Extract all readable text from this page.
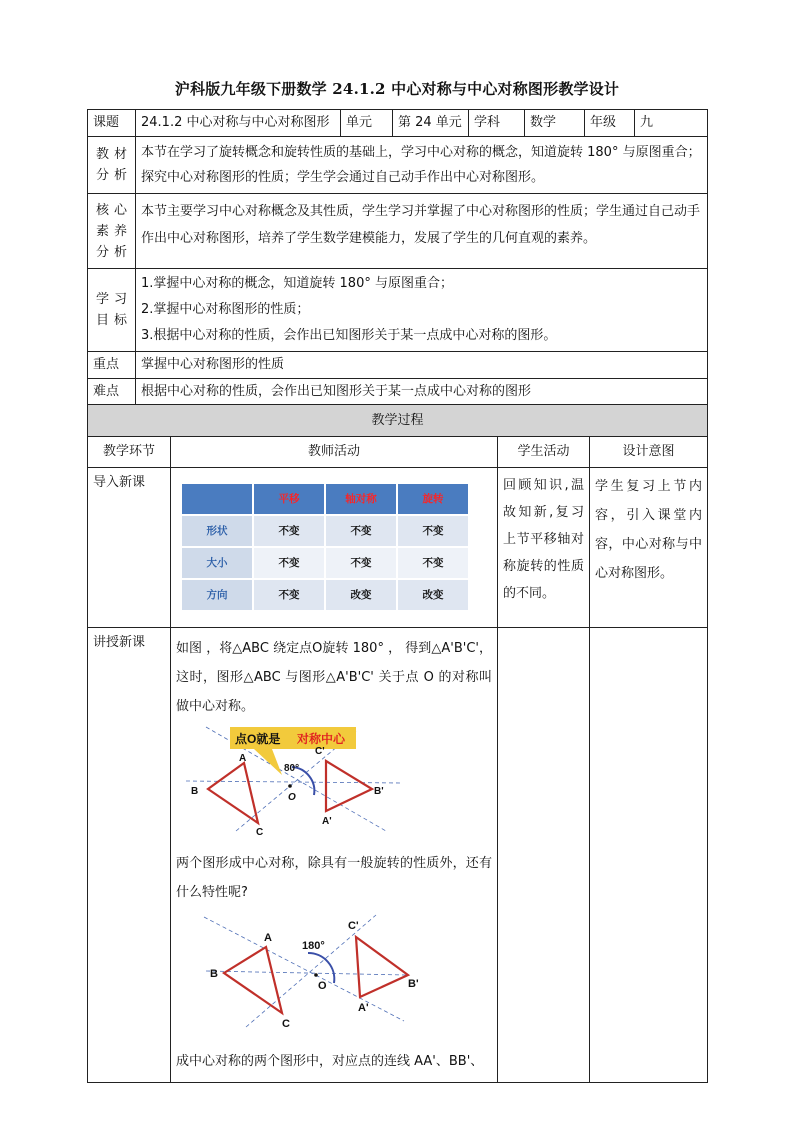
沪科版九年级下册数学 24.1.2 中心对称与中心对称图形教学设计
课题	24.1.2 中心对称与中心对称图形	单元	第 24 单元	学科	数学	年级	九
教材分析	本节在学习了旋转概念和旋转性质的基础上，学习中心对称的概念，知道旋转 180° 与原图重合；探究中心对称图形的性质；学生学会通过自己动手作出中心对称图形。						
核心素养分析	本节主要学习中心对称概念及其性质，学生学习并掌握了中心对称图形的性质；学生通过自己动手作出中心对称图形，培养了学生数学建模能力，发展了学生的几何直观的素养。						
学习目标	1.掌握中心对称的概念，知道旋转 180° 与原图重合；
2.掌握中心对称图形的性质；
3.根据中心对称的性质，会作出已知图形关于某一点成中心对称的图形。						

重点	掌握中心对称图形的性质						
难点	根据中心对称的性质，会作出已知图形关于某一点成中心对称的图形						
教学过程
教学环节	教师活动	学生活动	设计意图
导入新课	
	平移	轴对称	旋转
形状	不变	不变	不变
大小	不变	不变	不变
方向	不变	改变	改变
	回顾知识,温故知新,复习上节平移轴对称旋转的性质的不同。	学生复习上节内容，引入课堂内容，中心对称与中心对称图形。
讲授新课	如图 ，将△ABC 绕定点O旋转 180° ， 得到△A'B'C'，这时，图形△ABC 与图形△A'B'C' 关于点 O 的对称叫做中心对称。
点O就是 对称中心
80°
A
B
C
O
A'
B'
C'
两个图形成中心对称，除具有一般旋转的性质外，还有什么特性呢?
180°
A
B
C
O
A'
B'
C'
成中心对称的两个图形中，对应点的连线 AA'、BB'、
